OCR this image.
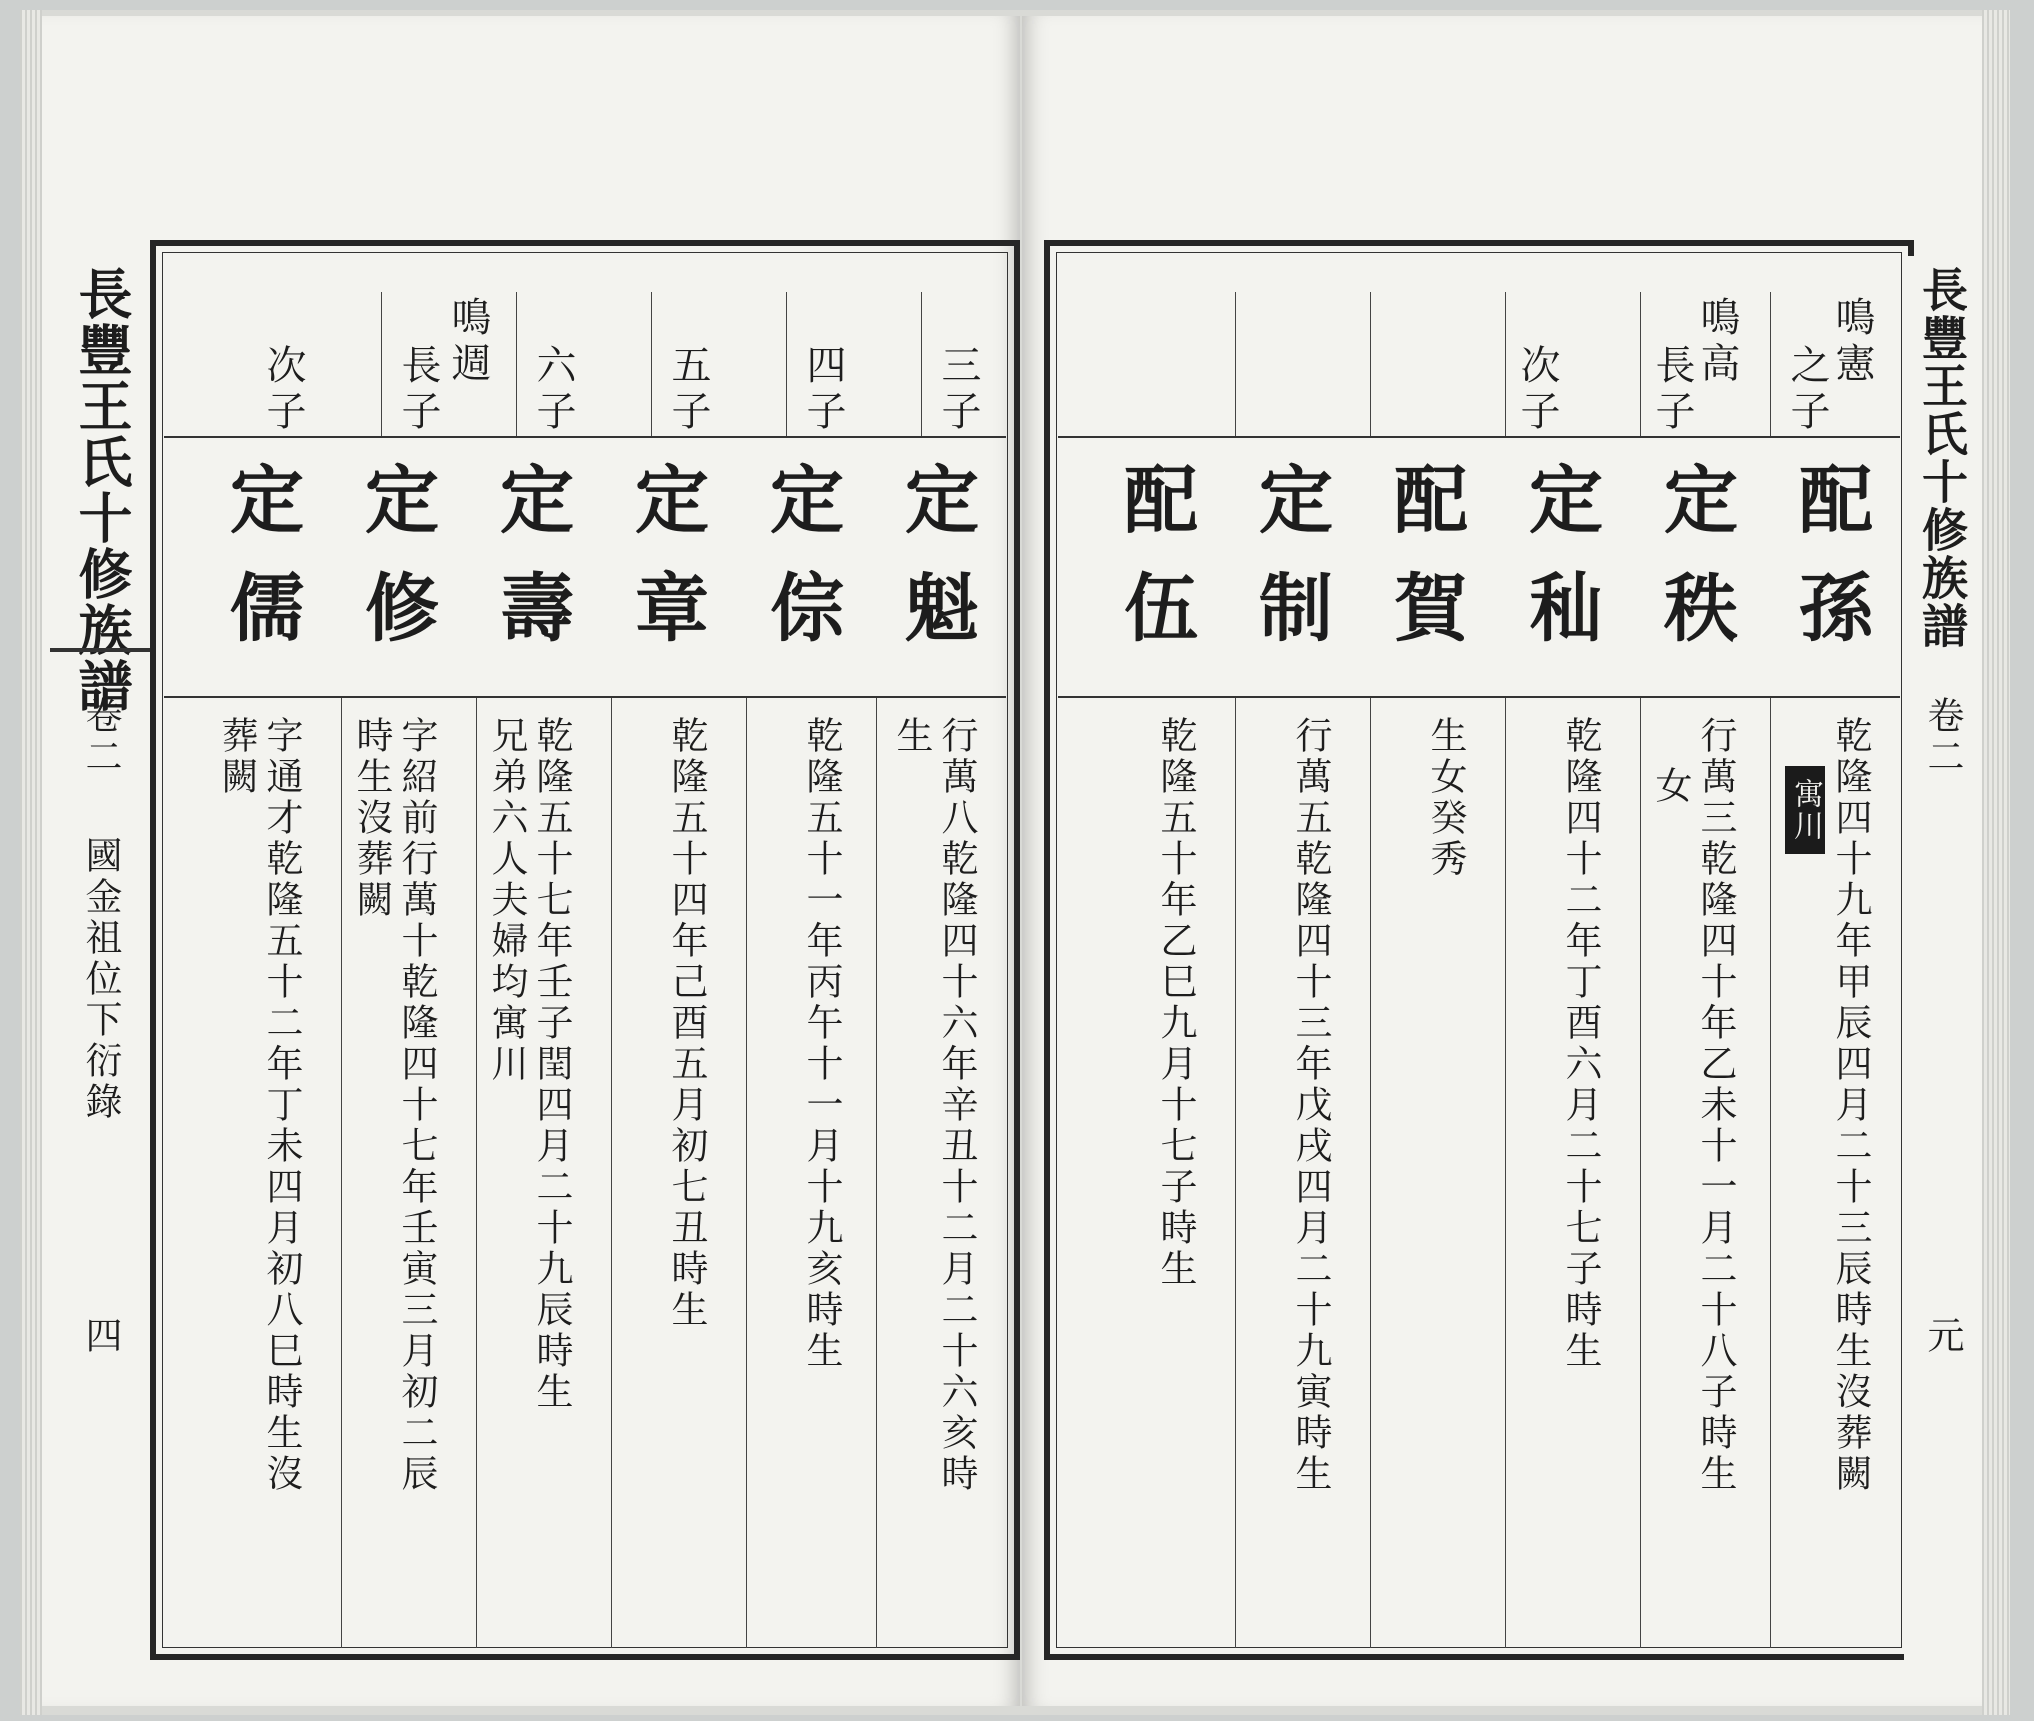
長豐王氏十修族譜
卷二
國金祖位下衍錄
四
三子
四子
五子
六子
鳴週
長子
次子
定魁
定倧
定章
定壽
定修
定儒
行萬八乾隆四十六年辛丑十二月二十六亥時
生
乾隆五十一年丙午十一月十九亥時生
乾隆五十四年己酉五月初七丑時生
乾隆五十七年壬子閏四月二十九辰時生
兄弟六人夫婦均寓川
字紹前行萬十乾隆四十七年壬寅三月初二辰
時生沒葬闕
字通才乾隆五十二年丁未四月初八巳時生沒
葬闕
鳴憲
之子
鳴高
長子
次子
配孫
定秩
定秈
配賀
定制
配伍
乾隆四十九年甲辰四月二十三辰時生沒葬闕
行萬三乾隆四十年乙未十一月二十八子時生 寓川
乾隆四十二年丁酉六月二十七子時生 女
生女癸秀
行萬五乾隆四十三年戊戌四月二十九寅時生
乾隆五十年乙巳九月十七子時生
長豐王氏十修族譜
卷二
元
